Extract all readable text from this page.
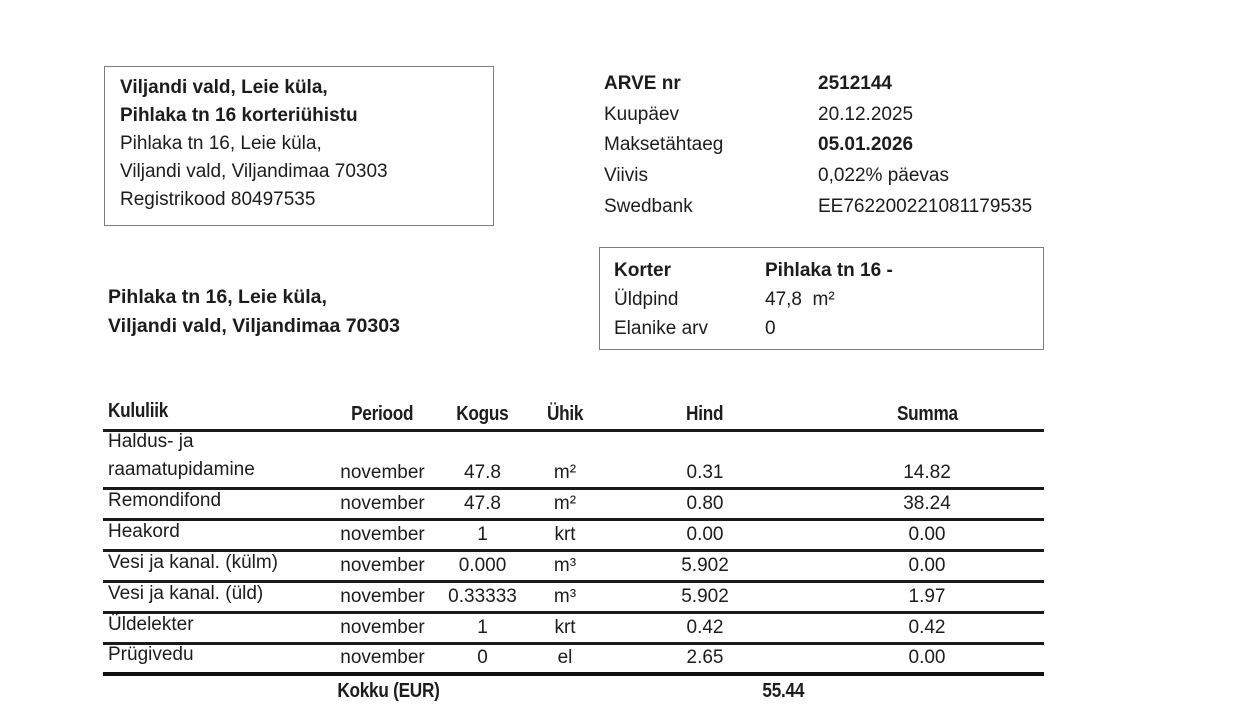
Viljandi vald, Leie küla,
Pihlaka tn 16 korteriühistu
Pihlaka tn 16, Leie küla,
Viljandi vald, Viljandimaa 70303
Registrikood 80497535
ARVE nr	2512144
Kuupäev	20.12.2025
Maksetähtaeg	05.01.2026
Viivis	0,022% päevas
Swedbank	EE762200221081179535
Pihlaka tn 16, Leie küla,
Viljandi vald, Viljandimaa 70303
Korter	Pihlaka tn 16 -
Üldpind	47,8  m²
Elanike arv	0
Kululiik	Periood	Kogus	Ühik	Hind	Summa
Haldus- ja raamatupidamine	november	47.8	m²	0.31	14.82
Remondifond	november	47.8	m²	0.80	38.24
Heakord	november	1	krt	0.00	0.00
Vesi ja kanal. (külm)	november	0.000	m³	5.902	0.00
Vesi ja kanal. (üld)	november	0.33333	m³	5.902	1.97
Üldelekter	november	1	krt	0.42	0.42
Prügivedu	november	0	el	2.65	0.00
Kokku (EUR)	55.44
